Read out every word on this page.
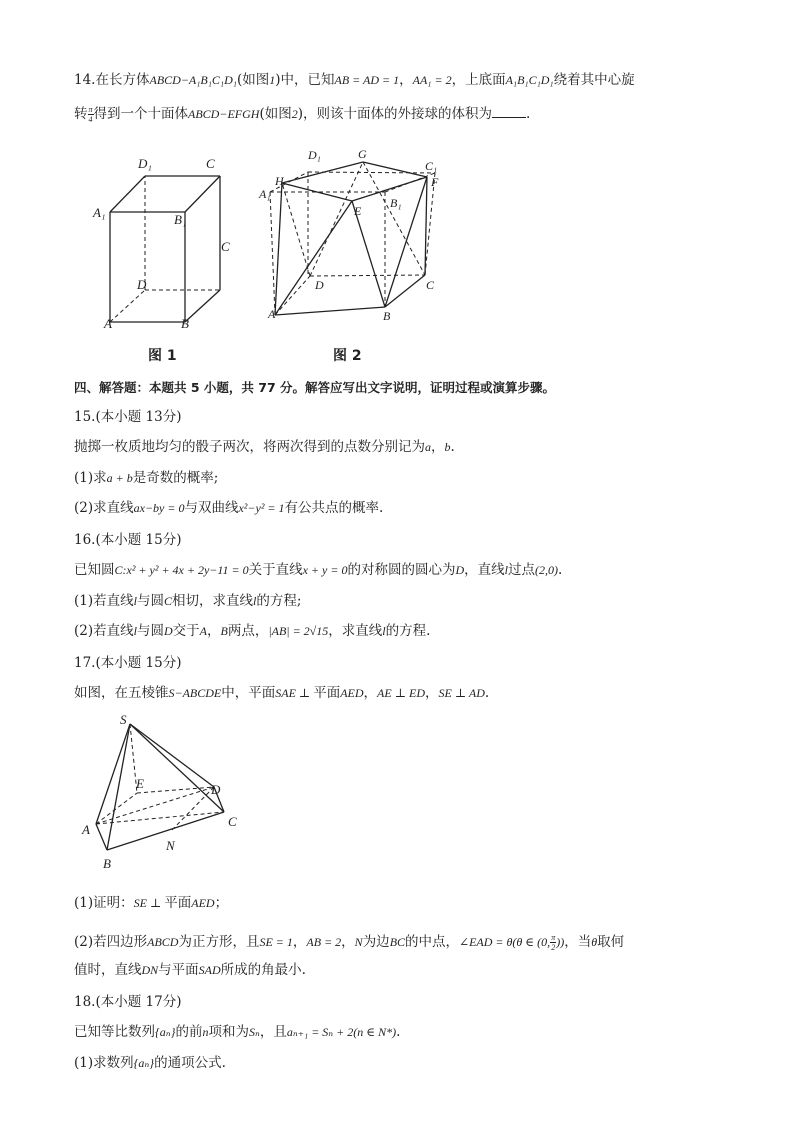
14.在长方体ABCD−A₁B₁C₁D₁(如图1)中，已知AB = AD = 1，AA₁ = 2，上底面A₁B₁C₁D₁绕着其中心旋
转 $\frac{\pi}{4}$ 得到一个十面体ABCD−EFGH(如图2)，则该十面体的外接球的体积为	.
D₁	C
A₁	B₁
C
D
A	B
图 1
D₁	G
C₁
F
H
A₁
E
B₁
D	C
A	B
图 2
四、解答题：本题共 5 小题，共 77 分。解答应写出文字说明，证明过程或演算步骤。
15.(本小题 13分)
抛掷一枚质地均匀的骰子两次，将两次得到的点数分别记为a，b.
(1)求a + b是奇数的概率;
(2)求直线ax−by = 0与双曲线x²−y² = 1有公共点的概率.
16.(本小题 15分)
已知圆C:x² + y² + 4x + 2y−11 = 0关于直线x + y = 0的对称圆的圆心为D，直线l过点(2,0).
(1)若直线l与圆C相切，求直线l的方程;
(2)若直线l与圆D交于A，B两点，|AB| = 2√15，求直线l的方程.
17.(本小题 15分)
如图，在五棱锥S−ABCDE中，平面SAE ⊥ 平面AED，AE ⊥ ED，SE ⊥ AD.
S
E	D
A
C
N
B
(1)证明：SE ⊥ 平面AED；
(2)若四边形ABCD为正方形，且SE = 1，AB = 2，N为边BC的中点，∠EAD = θ(θ ∈ (0, $\frac{\pi}{2}$ ))，当θ取何
值时，直线DN与平面SAD所成的角最小.
18.(本小题 17分)
已知等比数列{aₙ}的前n项和为Sₙ，且aₙ₊₁ = Sₙ + 2(n ∈ N*).
(1)求数列{aₙ}的通项公式.
